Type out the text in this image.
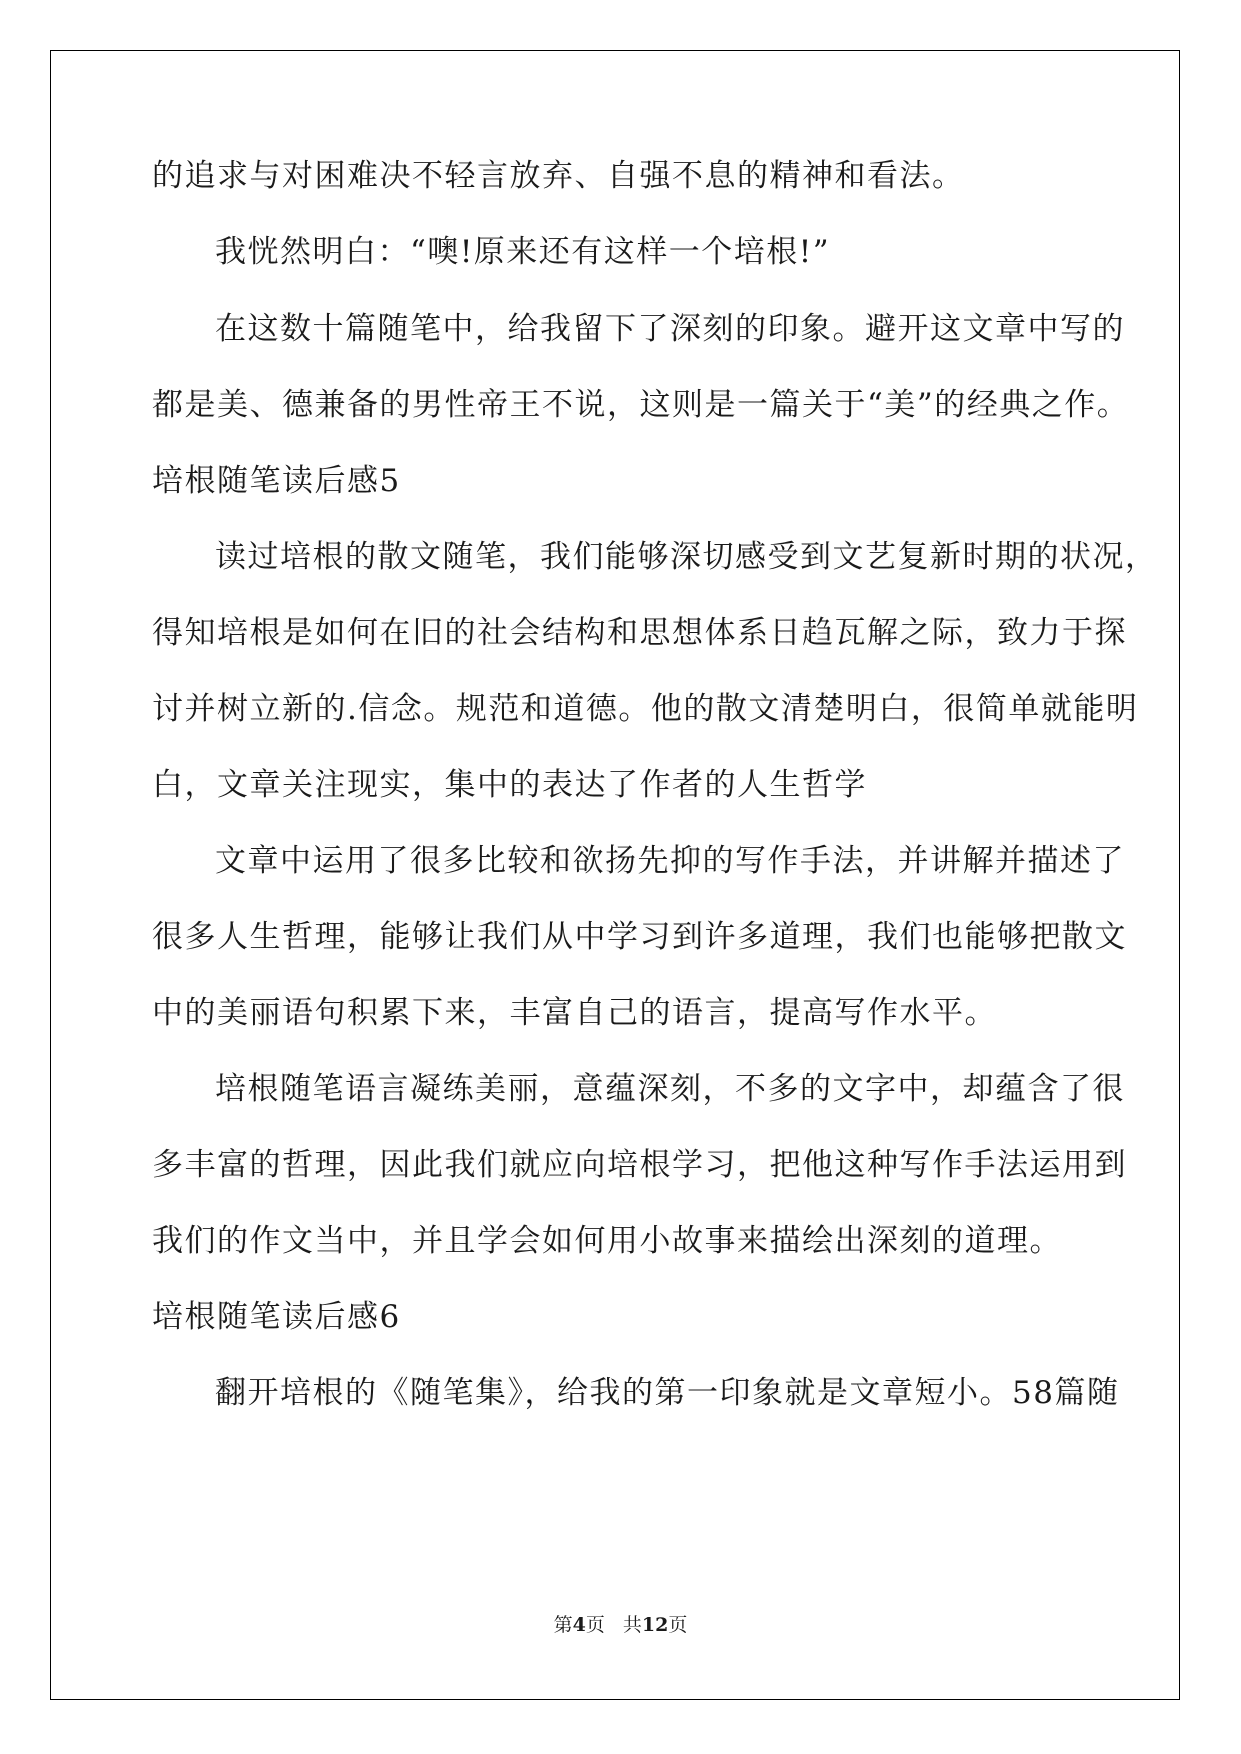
的追求与对困难决不轻言放弃、自强不息的精神和看法。
我恍然明白：“噢!原来还有这样一个培根!”
在这数十篇随笔中，给我留下了深刻的印象。避开这文章中写的
都是美、德兼备的男性帝王不说，这则是一篇关于“美”的经典之作。
培根随笔读后感5
读过培根的散文随笔，我们能够深切感受到文艺复新时期的状况，
得知培根是如何在旧的社会结构和思想体系日趋瓦解之际，致力于探
讨并树立新的.信念。规范和道德。他的散文清楚明白，很简单就能明
白，文章关注现实，集中的表达了作者的人生哲学
文章中运用了很多比较和欲扬先抑的写作手法，并讲解并描述了
很多人生哲理，能够让我们从中学习到许多道理，我们也能够把散文
中的美丽语句积累下来，丰富自己的语言，提高写作水平。
培根随笔语言凝练美丽，意蕴深刻，不多的文字中，却蕴含了很
多丰富的哲理，因此我们就应向培根学习，把他这种写作手法运用到
我们的作文当中，并且学会如何用小故事来描绘出深刻的道理。
培根随笔读后感6
翻开培根的《随笔集》，给我的第一印象就是文章短小。58篇随
第4页 共12页
